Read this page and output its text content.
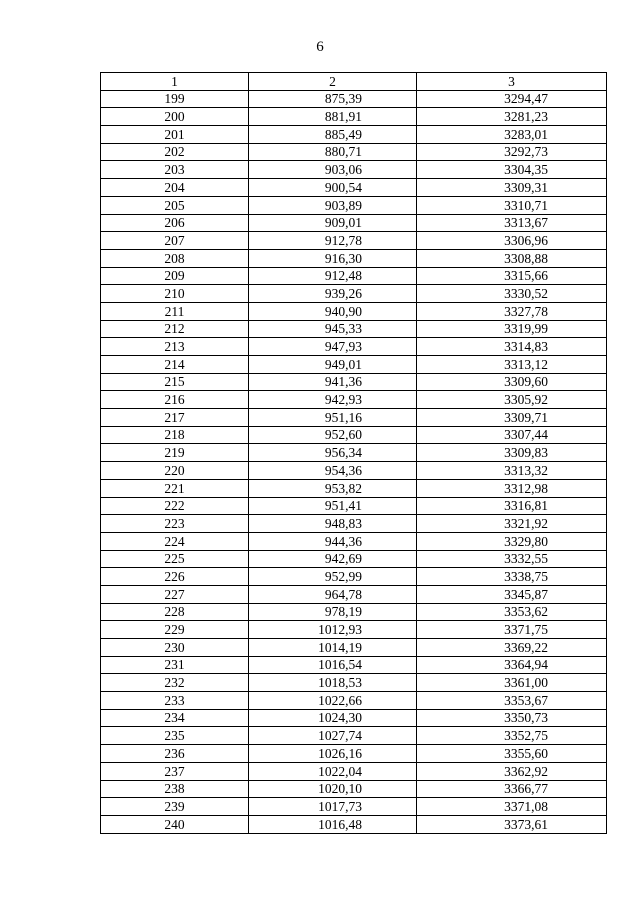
6
1	2	3
199	875,39	3294,47
200	881,91	3281,23
201	885,49	3283,01
202	880,71	3292,73
203	903,06	3304,35
204	900,54	3309,31
205	903,89	3310,71
206	909,01	3313,67
207	912,78	3306,96
208	916,30	3308,88
209	912,48	3315,66
210	939,26	3330,52
211	940,90	3327,78
212	945,33	3319,99
213	947,93	3314,83
214	949,01	3313,12
215	941,36	3309,60
216	942,93	3305,92
217	951,16	3309,71
218	952,60	3307,44
219	956,34	3309,83
220	954,36	3313,32
221	953,82	3312,98
222	951,41	3316,81
223	948,83	3321,92
224	944,36	3329,80
225	942,69	3332,55
226	952,99	3338,75
227	964,78	3345,87
228	978,19	3353,62
229	1012,93	3371,75
230	1014,19	3369,22
231	1016,54	3364,94
232	1018,53	3361,00
233	1022,66	3353,67
234	1024,30	3350,73
235	1027,74	3352,75
236	1026,16	3355,60
237	1022,04	3362,92
238	1020,10	3366,77
239	1017,73	3371,08
240	1016,48	3373,61
